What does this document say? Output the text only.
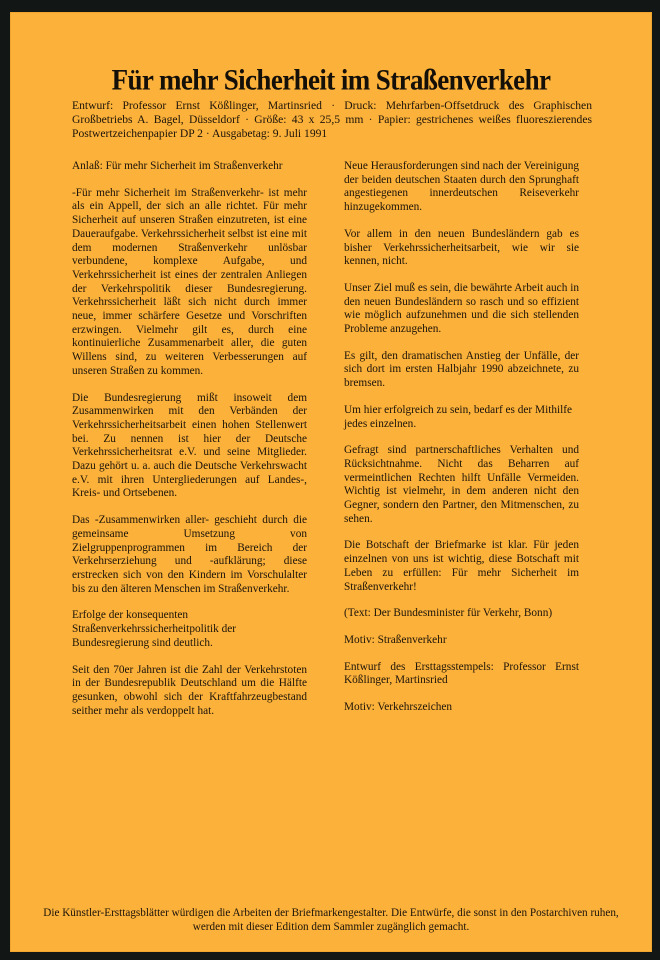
Für mehr Sicherheit im Straßenverkehr
Entwurf: Professor Ernst Kößlinger, Martinsried · Druck: Mehrfarben-Offsetdruck des Graphischen Großbetriebs A. Bagel, Düsseldorf · Größe: 43 x 25,5 mm · Papier: gestrichenes weißes fluoreszierendes Postwertzeichenpapier DP 2 · Ausgabetag: 9. Juli 1991

Anlaß: Für mehr Sicherheit im Straßenverkehr

-Für mehr Sicherheit im Straßenverkehr- ist mehr als ein Appell, der sich an alle richtet. Für mehr Sicherheit auf unseren Straßen einzutreten, ist eine Daueraufgabe. Verkehrssicherheit selbst ist eine mit dem modernen Straßenverkehr unlösbar verbundene, komplexe Aufgabe, und Verkehrssicherheit ist eines der zentralen Anliegen der Verkehrspolitik dieser Bundesregierung. Verkehrssicherheit läßt sich nicht durch immer neue, immer schärfere Gesetze und Vorschriften erzwingen. Vielmehr gilt es, durch eine kontinuierliche Zusammenarbeit aller, die guten Willens sind, zu weiteren Verbesserungen auf unseren Straßen zu kommen.

Die Bundesregierung mißt insoweit dem Zusammenwirken mit den Verbänden der Verkehrssicherheitsarbeit einen hohen Stellenwert bei. Zu nennen ist hier der Deutsche Verkehrssicherheitsrat e.V. und seine Mitglieder. Dazu gehört u. a. auch die Deutsche Verkehrswacht e.V. mit ihren Untergliederungen auf Landes-, Kreis- und Ortsebenen.

Das -Zusammenwirken aller- geschieht durch die gemeinsame Umsetzung von Zielgruppenprogrammen im Bereich der Verkehrserziehung und -aufklärung; diese erstrecken sich von den Kindern im Vorschulalter bis zu den älteren Menschen im Straßenverkehr.

Erfolge der konsequenten Straßenverkehrssicherheitpolitik der Bundesregierung sind deutlich.

Seit den 70er Jahren ist die Zahl der Verkehrstoten in der Bundesrepublik Deutschland um die Hälfte gesunken, obwohl sich der Kraftfahrzeugbestand seither mehr als verdoppelt hat.

Neue Herausforderungen sind nach der Vereinigung der beiden deutschen Staaten durch den Sprunghaft angestiegenen innerdeutschen Reiseverkehr hinzugekommen.

Vor allem in den neuen Bundesländern gab es bisher Verkehrssicherheitsarbeit, wie wir sie kennen, nicht.

Unser Ziel muß es sein, die bewährte Arbeit auch in den neuen Bundesländern so rasch und so effizient wie möglich aufzunehmen und die sich stellenden Probleme anzugehen.

Es gilt, den dramatischen Anstieg der Unfälle, der sich dort im ersten Halbjahr 1990 abzeichnete, zu bremsen.

Um hier erfolgreich zu sein, bedarf es der Mithilfe jedes einzelnen.

Gefragt sind partnerschaftliches Verhalten und Rücksichtnahme. Nicht das Beharren auf vermeintlichen Rechten hilft Unfälle Vermeiden. Wichtig ist vielmehr, in dem anderen nicht den Gegner, sondern den Partner, den Mitmenschen, zu sehen.

Die Botschaft der Briefmarke ist klar. Für jeden einzelnen von uns ist wichtig, diese Botschaft mit Leben zu erfüllen: Für mehr Sicherheit im Straßenverkehr!

(Text: Der Bundesminister für Verkehr, Bonn)

Motiv: Straßenverkehr

Entwurf des Ersttagsstempels: Professor Ernst Kößlinger, Martinsried

Motiv: Verkehrszeichen

Die Künstler-Ersttagsblätter würdigen die Arbeiten der Briefmarkengestalter. Die Entwürfe, die sonst in den Postarchiven ruhen, werden mit dieser Edition dem Sammler zugänglich gemacht.
